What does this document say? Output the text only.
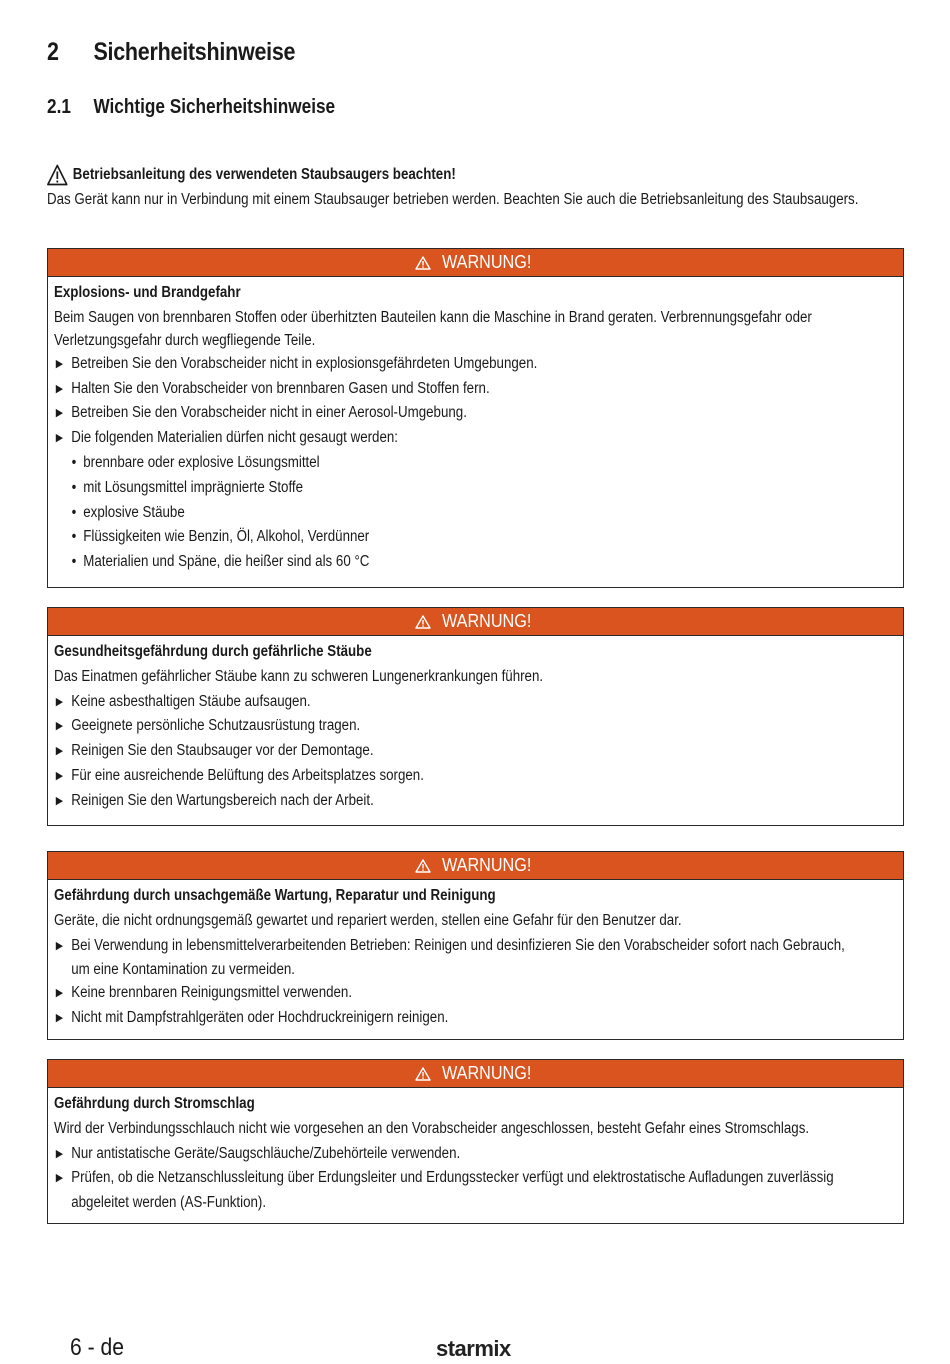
2 Sicherheitshinweise
2.1 Wichtige Sicherheitshinweise
Betriebsanleitung des verwendeten Staubsaugers beachten!
Das Gerät kann nur in Verbindung mit einem Staubsauger betrieben werden. Beachten Sie auch die Betriebsanleitung des Staubsaugers.
WARNUNG!
Explosions- und Brandgefahr
Beim Saugen von brennbaren Stoffen oder überhitzten Bauteilen kann die Maschine in Brand geraten. Verbrennungsgefahr oder
Verletzungsgefahr durch wegfliegende Teile.
▶ Betreiben Sie den Vorabscheider nicht in explosionsgefährdeten Umgebungen.
▶ Halten Sie den Vorabscheider von brennbaren Gasen und Stoffen fern.
▶ Betreiben Sie den Vorabscheider nicht in einer Aerosol-Umgebung.
▶ Die folgenden Materialien dürfen nicht gesaugt werden:
• brennbare oder explosive Lösungsmittel
• mit Lösungsmittel imprägnierte Stoffe
• explosive Stäube
• Flüssigkeiten wie Benzin, Öl, Alkohol, Verdünner
• Materialien und Späne, die heißer sind als 60 °C
WARNUNG!
Gesundheitsgefährdung durch gefährliche Stäube
Das Einatmen gefährlicher Stäube kann zu schweren Lungenerkrankungen führen.
▶ Keine asbesthaltigen Stäube aufsaugen.
▶ Geeignete persönliche Schutzausrüstung tragen.
▶ Reinigen Sie den Staubsauger vor der Demontage.
▶ Für eine ausreichende Belüftung des Arbeitsplatzes sorgen.
▶ Reinigen Sie den Wartungsbereich nach der Arbeit.
WARNUNG!
Gefährdung durch unsachgemäße Wartung, Reparatur und Reinigung
Geräte, die nicht ordnungsgemäß gewartet und repariert werden, stellen eine Gefahr für den Benutzer dar.
▶ Bei Verwendung in lebensmittelverarbeitenden Betrieben: Reinigen und desinfizieren Sie den Vorabscheider sofort nach Gebrauch,
um eine Kontamination zu vermeiden.
▶ Keine brennbaren Reinigungsmittel verwenden.
▶ Nicht mit Dampfstrahlgeräten oder Hochdruckreinigern reinigen.
WARNUNG!
Gefährdung durch Stromschlag
Wird der Verbindungsschlauch nicht wie vorgesehen an den Vorabscheider angeschlossen, besteht Gefahr eines Stromschlags.
▶ Nur antistatische Geräte/Saugschläuche/Zubehörteile verwenden.
▶ Prüfen, ob die Netzanschlussleitung über Erdungsleiter und Erdungsstecker verfügt und elektrostatische Aufladungen zuverlässig
abgeleitet werden (AS-Funktion).
6 - de	starmix
